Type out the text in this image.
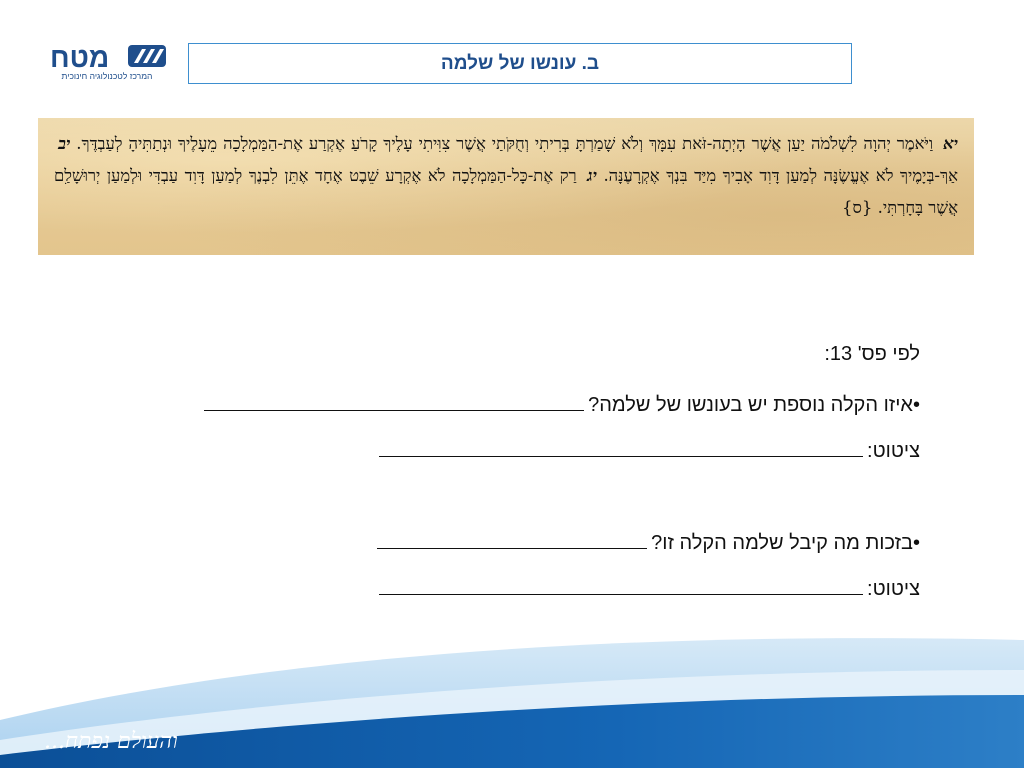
מטח
המרכז לטכנולוגיה חינוכית
ב. עונשו של שלמה

יא וַיֹּאמֶר יְהוָה לִשְׁלֹמֹה יַעַן אֲשֶׁר הָיְתָה-זֹּאת עִמָּךְ וְלֹא שָׁמַרְתָּ בְּרִיתִי וְחֻקֹּתַי אֲשֶׁר צִוִּיתִי עָלֶיךָ קָרֹעַ אֶקְרַע אֶת-הַמַּמְלָכָה מֵעָלֶיךָ וּנְתַתִּיהָ לְעַבְדֶּךָ. יב אַךְ-בְּיָמֶיךָ לֹא אֶעֱשֶׂנָּה לְמַעַן דָּוִד אָבִיךָ מִיַּד בִּנְךָ אֶקְרָעֶנָּה. יג רַק אֶת-כָּל-הַמַּמְלָכָה לֹא אֶקְרָע שֵׁבֶט אֶחָד אֶתֵּן לִבְנֶךָ לְמַעַן דָּוִד עַבְדִּי וּלְמַעַן יְרוּשָׁלִַם אֲשֶׁר בָּחָרְתִּי. {ס}

לפי פס' 13:
•איזו הקלה נוספת יש בעונשו של שלמה?
ציטוט:
•בזכות מה קיבל שלמה הקלה זו?
ציטוט:
והעולם נפתח...
